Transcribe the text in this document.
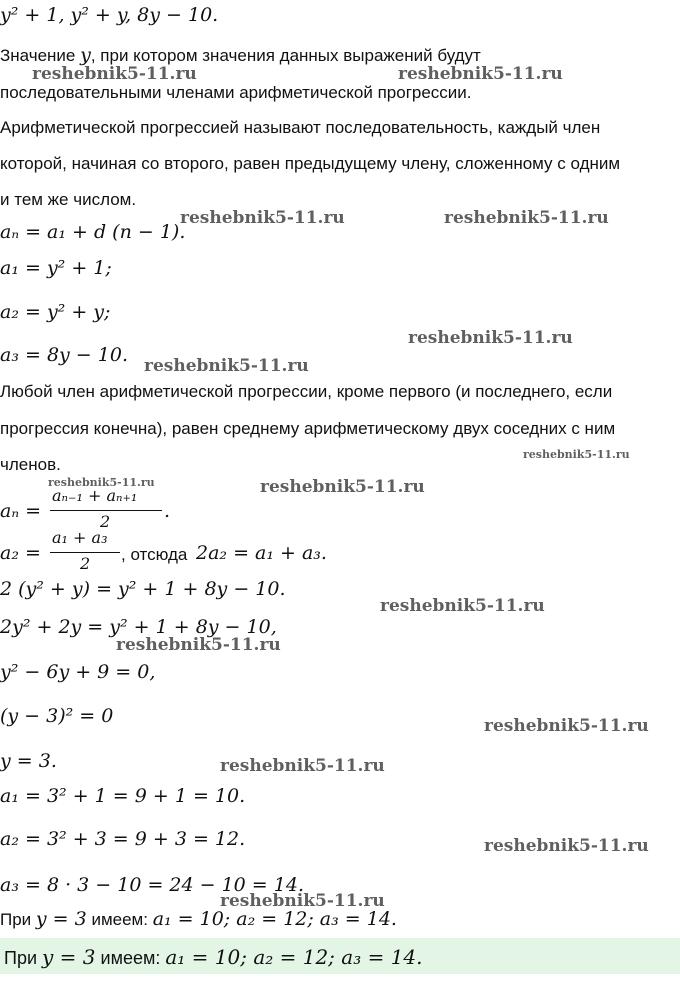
reshebnik5-11.ru	reshebnik5-11.ru
reshebnik5-11.ru	reshebnik5-11.ru
reshebnik5-11.ru
reshebnik5-11.ru
reshebnik5-11.ru
reshebnik5-11.ru	reshebnik5-11.ru
reshebnik5-11.ru
reshebnik5-11.ru
reshebnik5-11.ru
reshebnik5-11.ru
reshebnik5-11.ru
reshebnik5-11.ru
y² + 1, y² + y, 8y − 10.
Значение y, при котором значения данных выражений будут
последовательными членами арифметической прогрессии.
Арифметической прогрессией называют последовательность, каждый член
которой, начиная со второго, равен предыдущему члену, сложенному с одним
и тем же числом.
aₙ = a₁ + d (n − 1).
a₁ = y² + 1;
a₂ = y² + y;
a₃ = 8y − 10.
Любой член арифметической прогрессии, кроме первого (и последнего, если
прогрессия конечна), равен среднему арифметическому двух соседних с ним
членов.
aₙ =
aₙ₋₁ + aₙ₊₁
2	.
a₂ =
a₁ + a₃
2 , отсюда 2a₂ = a₁ + a₃.
2 (y² + y) = y² + 1 + 8y − 10.
2y² + 2y = y² + 1 + 8y − 10,
y² − 6y + 9 = 0,
(y − 3)² = 0
y = 3.
a₁ = 3² + 1 = 9 + 1 = 10.
a₂ = 3² + 3 = 9 + 3 = 12.
a₃ = 8 · 3 − 10 = 24 − 10 = 14.
При y = 3 имеем: a₁ = 10; a₂ = 12; a₃ = 14.
При y = 3 имеем: a₁ = 10; a₂ = 12; a₃ = 14.
